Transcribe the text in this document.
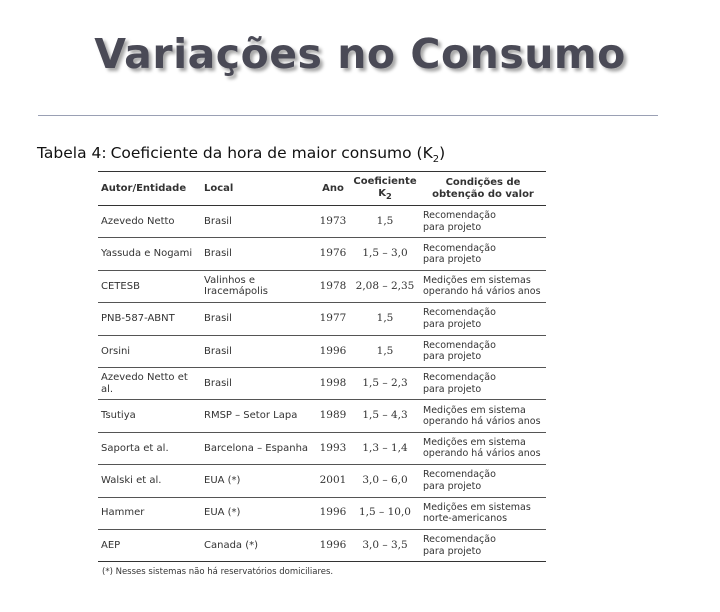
Variações no Consumo
Tabela 4: Coeficiente da hora de maior consumo $(K_2)$
Autor/Entidade	Local	Ano	Coeficiente $K_2$	Condições de obtenção do valor
Azevedo Netto	Brasil	1973	1,5	Recomendação
para projeto

Yassuda e Nogami	Brasil	1976	1,5 – 3,0	Recomendação
para projeto

CETESB	Valinhos e Iracemápolis	1978	2,08 – 2,35	Medições em sistemas
operando há vários anos

PNB-587-ABNT	Brasil	1977	1,5	Recomendação
para projeto

Orsini	Brasil	1996	1,5	Recomendação
para projeto

Azevedo Netto et al.	Brasil	1998	1,5 – 2,3	Recomendação
para projeto

Tsutiya	RMSP – Setor Lapa	1989	1,5 – 4,3	Medições em sistema
operando há vários anos

Saporta et al.	Barcelona – Espanha	1993	1,3 – 1,4	Medições em sistema
operando há vários anos

Walski et al.	EUA (*)	2001	3,0 – 6,0	Recomendação
para projeto

Hammer	EUA (*)	1996	1,5 – 10,0	Medições em sistemas
norte-americanos

AEP	Canada (*)	1996	3,0 – 3,5	Recomendação
para projeto
(*) Nesses sistemas não há reservatórios domiciliares.
